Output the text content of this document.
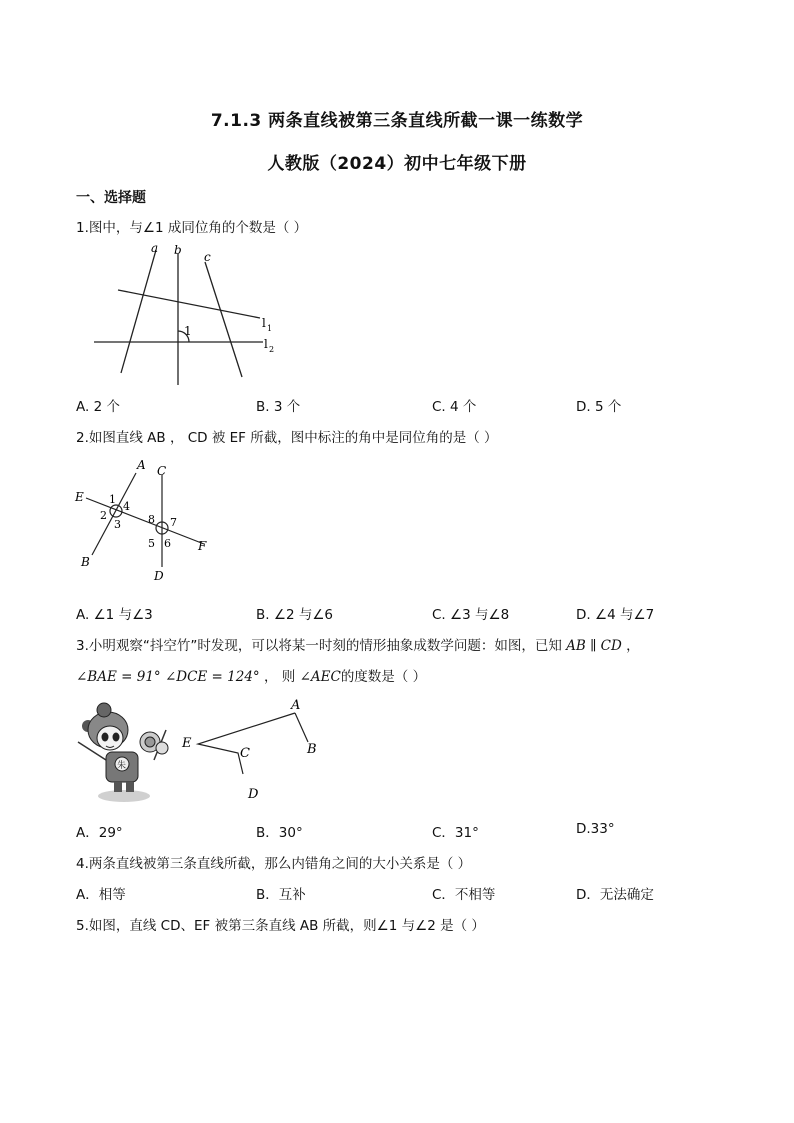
7.1.3 两条直线被第三条直线所截一课一练数学
人教版（2024）初中七年级下册
一、选择题
1.图中，与∠1 成同位角的个数是（ ）
a b c
l 1
l 2
1
A. 2 个	B. 3 个	C. 4 个	D. 5 个
2.如图直线 AB ， CD 被 EF 所截，图中标注的角中是同位角的是（ ）
A
B
C
D
E
F
1
2
3
4
5 6
7
8
A. ∠1 与∠3	B. ∠2 与∠6	C. ∠3 与∠8	D. ∠4 与∠7
3.小明观察“抖空竹”时发现，可以将某一时刻的情形抽象成数学问题：如图，已知 AB ∥ CD ，
∠BAE = 91° ∠DCE = 124° ， 则 ∠AEC的度数是（ ）
朱
A
B
C
D
E
A．29°	B．30°	C．31°	D.33°
4.两条直线被第三条直线所截，那么内错角之间的大小关系是（ ）
A．相等	B．互补	C．不相等	D．无法确定
5.如图，直线 CD、EF 被第三条直线 AB 所截，则∠1 与∠2 是（ ）
